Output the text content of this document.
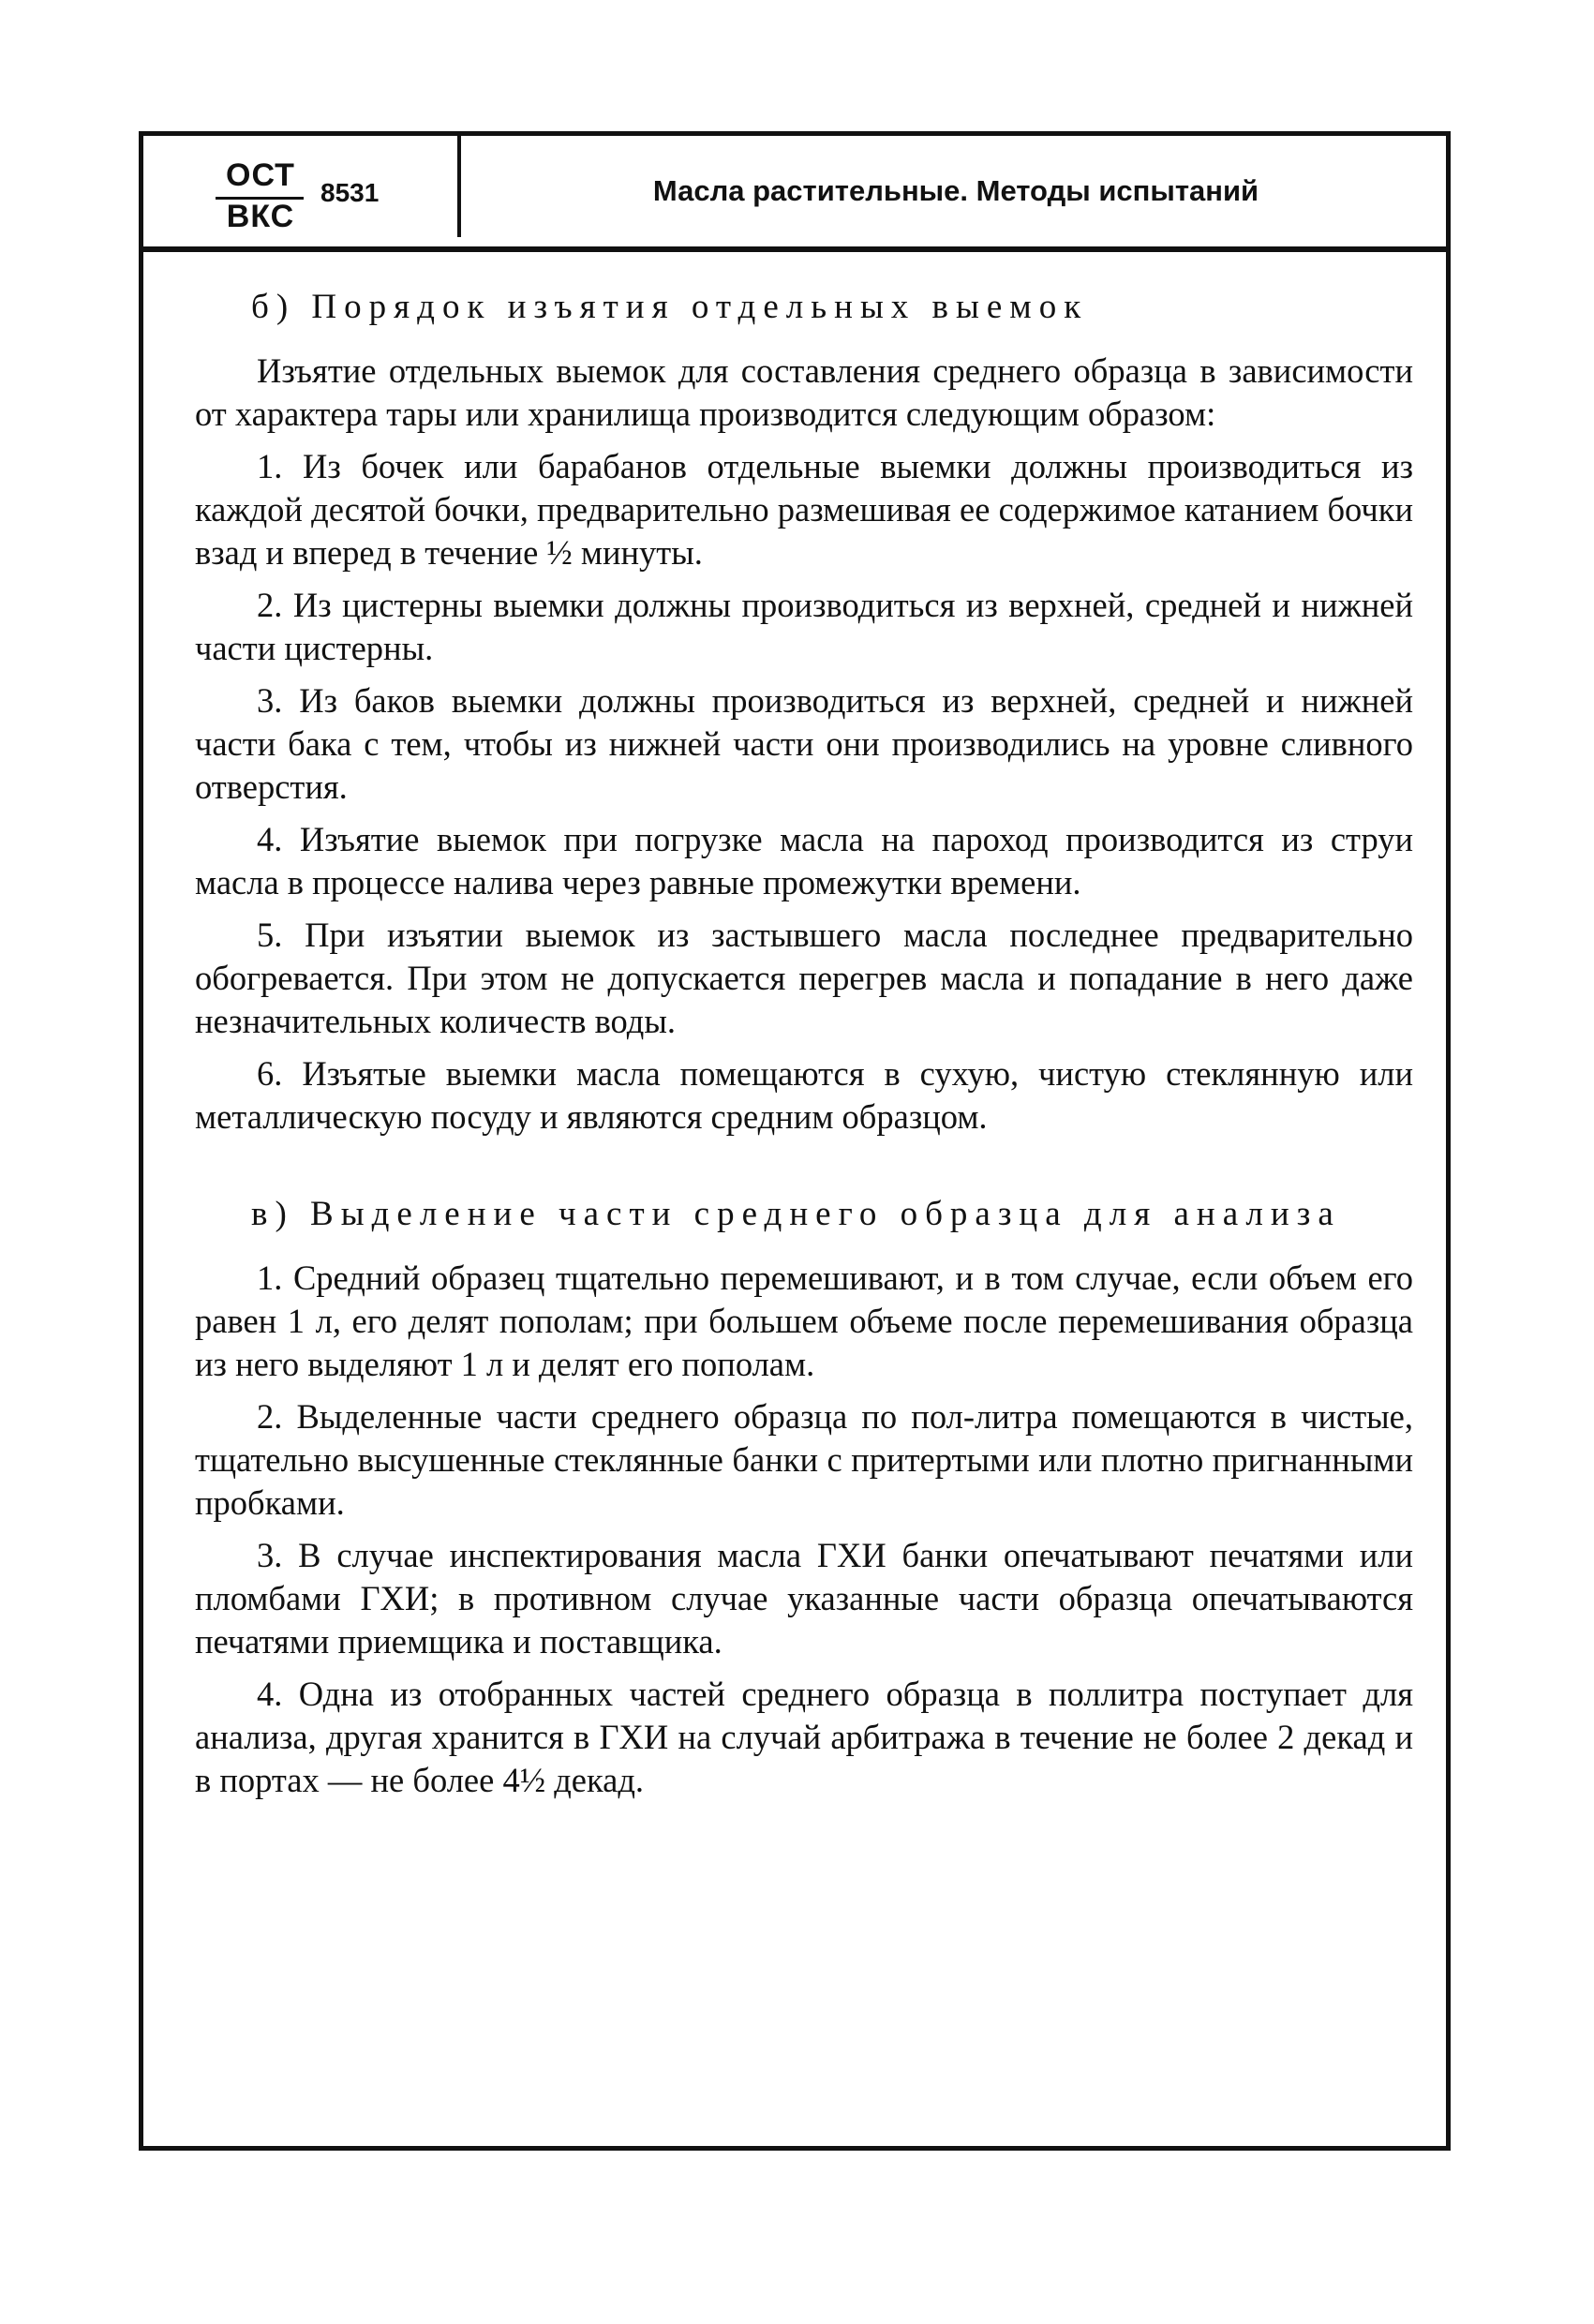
ОСТ
ВКС
8531	Масла растительные. Методы испытаний
б) Порядок изъятия отдельных выемок

Изъятие отдельных выемок для составления среднего образца в зависимости от характера тары или хранилища производится следующим образом:

1. Из бочек или барабанов отдельные выемки должны производиться из каждой десятой бочки, предварительно размешивая ее содержимое катанием бочки взад и вперед в течение ½ минуты.

2. Из цистерны выемки должны производиться из верхней, средней и нижней части цистерны.

3. Из баков выемки должны производиться из верхней, средней и нижней части бака с тем, чтобы из нижней части они производились на уровне сливного отверстия.

4. Изъятие выемок при погрузке масла на пароход производится из струи масла в процессе налива через равные промежутки времени.

5. При изъятии выемок из застывшего масла последнее предварительно обогревается. При этом не допускается перегрев масла и попадание в него даже незначительных количеств воды.

6. Изъятые выемки масла помещаются в сухую, чистую стеклянную или металлическую посуду и являются средним образцом.

в) Выделение части среднего образца для анализа

1. Средний образец тщательно перемешивают, и в том случае, если объем его равен 1 л, его делят пополам; при большем объеме после перемешивания образца из него выделяют 1 л и делят его пополам.

2. Выделенные части среднего образца по пол-литра помещаются в чистые, тщательно высушенные стеклянные банки с притертыми или плотно пригнанными пробками.

3. В случае инспектирования масла ГХИ банки опечатывают печатями или пломбами ГХИ; в противном случае указанные части образца опечатываются печатями приемщика и поставщика.

4. Одна из отобранных частей среднего образца в поллитра поступает для анализа, другая хранится в ГХИ на случай арбитража в течение не более 2 декад и в портах — не более 4½ декад.
